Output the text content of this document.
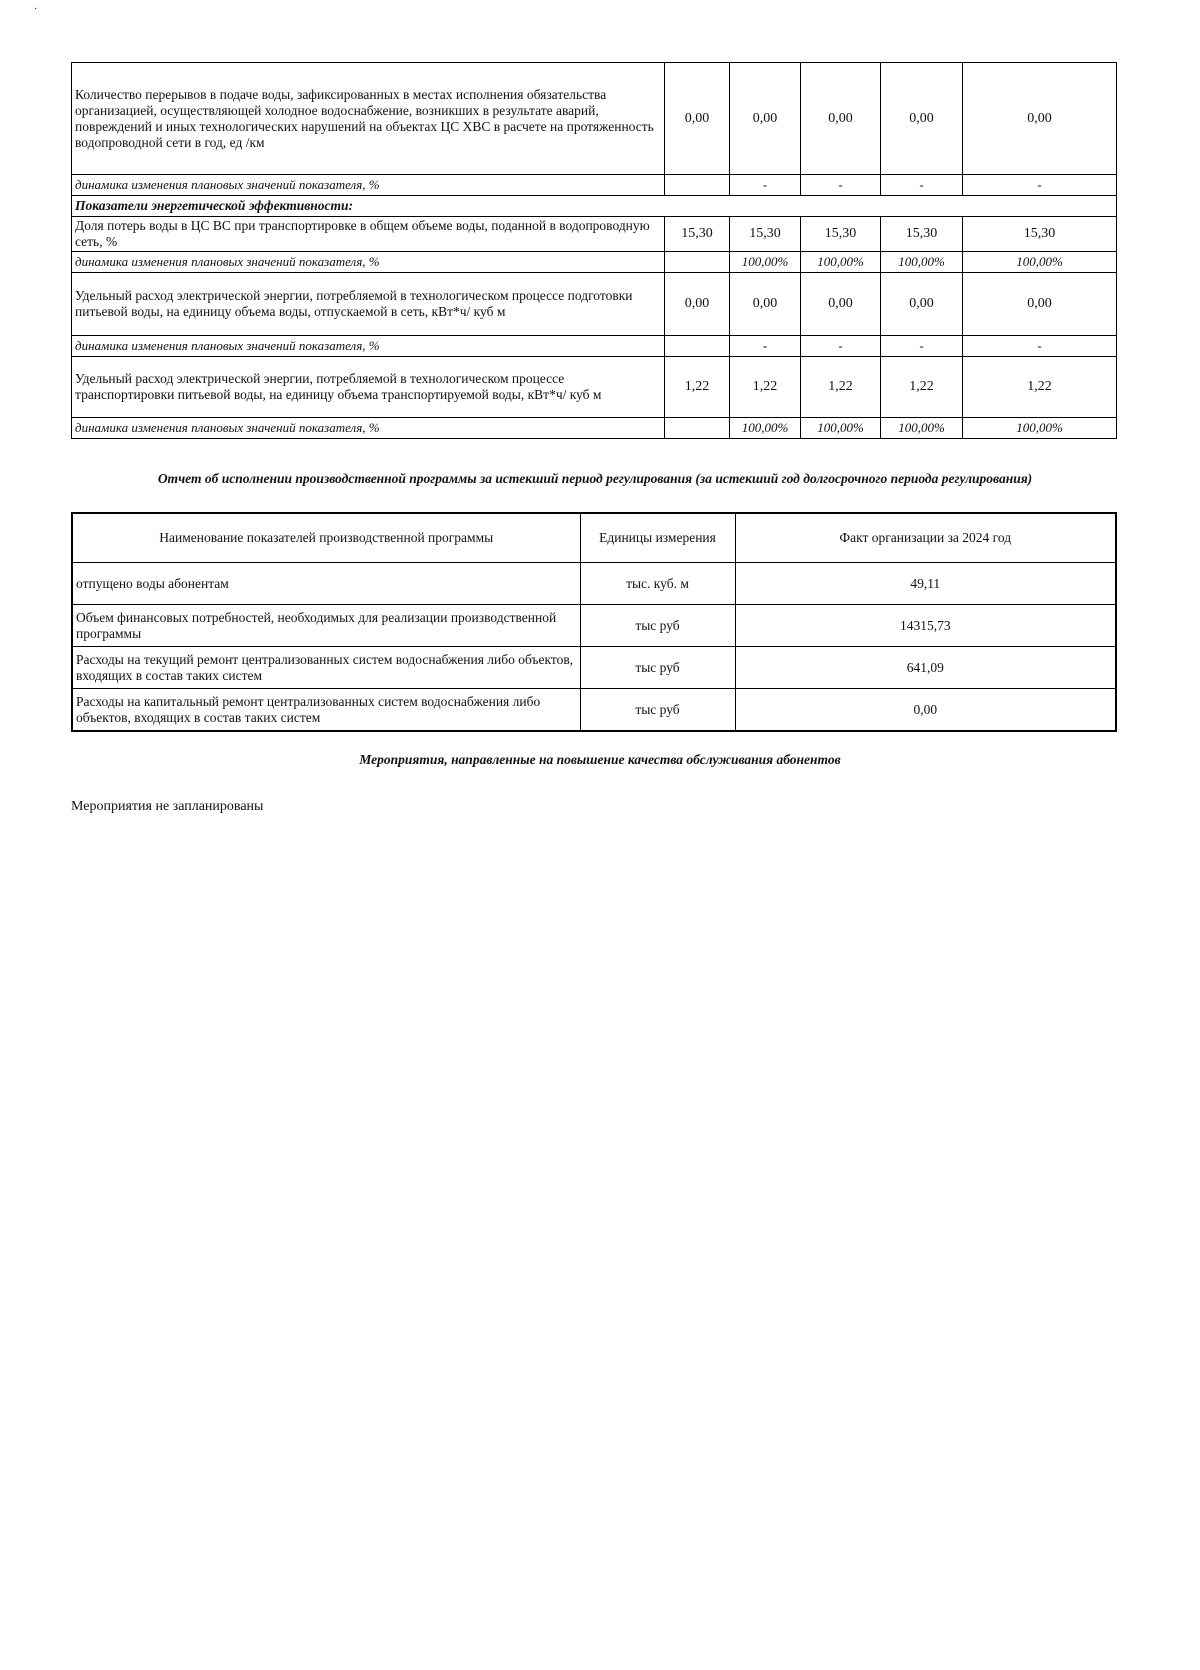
·
Количество перерывов в подаче воды, зафиксированных в местах исполнения обязательства организацией, осуществляющей холодное водоснабжение, возникших в результате аварий, повреждений и иных технологических нарушений на объектах ЦС ХВС в расчете на протяженность водопроводной сети в год, ед /км	0,00	0,00	0,00	0,00	0,00
динамика изменения плановых значений показателя, %		-	-	-	-
Показатели энергетической эффективности:					
Доля потерь воды в ЦС ВС при транспортировке в общем объеме воды, поданной в водопроводную сеть, %	15,30	15,30	15,30	15,30	15,30
динамика изменения плановых значений показателя, %		100,00%	100,00%	100,00%	100,00%
Удельный расход электрической энергии, потребляемой в технологическом процессе подготовки питьевой воды, на единицу объема воды, отпускаемой в сеть, кВт*ч/ куб м	0,00	0,00	0,00	0,00	0,00
динамика изменения плановых значений показателя, %		-	-	-	-
Удельный расход электрической энергии, потребляемой в технологическом процессе транспортировки питьевой воды, на единицу объема транспортируемой воды, кВт*ч/ куб м	1,22	1,22	1,22	1,22	1,22
динамика изменения плановых значений показателя, %		100,00%	100,00%	100,00%	100,00%
Отчет об исполнении производственной программы за истекший период регулирования (за истекший год долгосрочного периода регулирования)
Наименование показателей производственной программы	Единицы измерения	Факт организации за 2024 год
отпущено воды абонентам	тыс. куб. м	49,11
Объем финансовых потребностей, необходимых для реализации производственной программы	тыс руб	14315,73
Расходы на текущий ремонт централизованных систем водоснабжения либо объектов, входящих в состав таких систем	тыс руб	641,09
Расходы на капитальный ремонт централизованных систем водоснабжения либо объектов, входящих в состав таких систем	тыс руб	0,00
Мероприятия, направленные на повышение качества обслуживания абонентов
Мероприятия не запланированы
